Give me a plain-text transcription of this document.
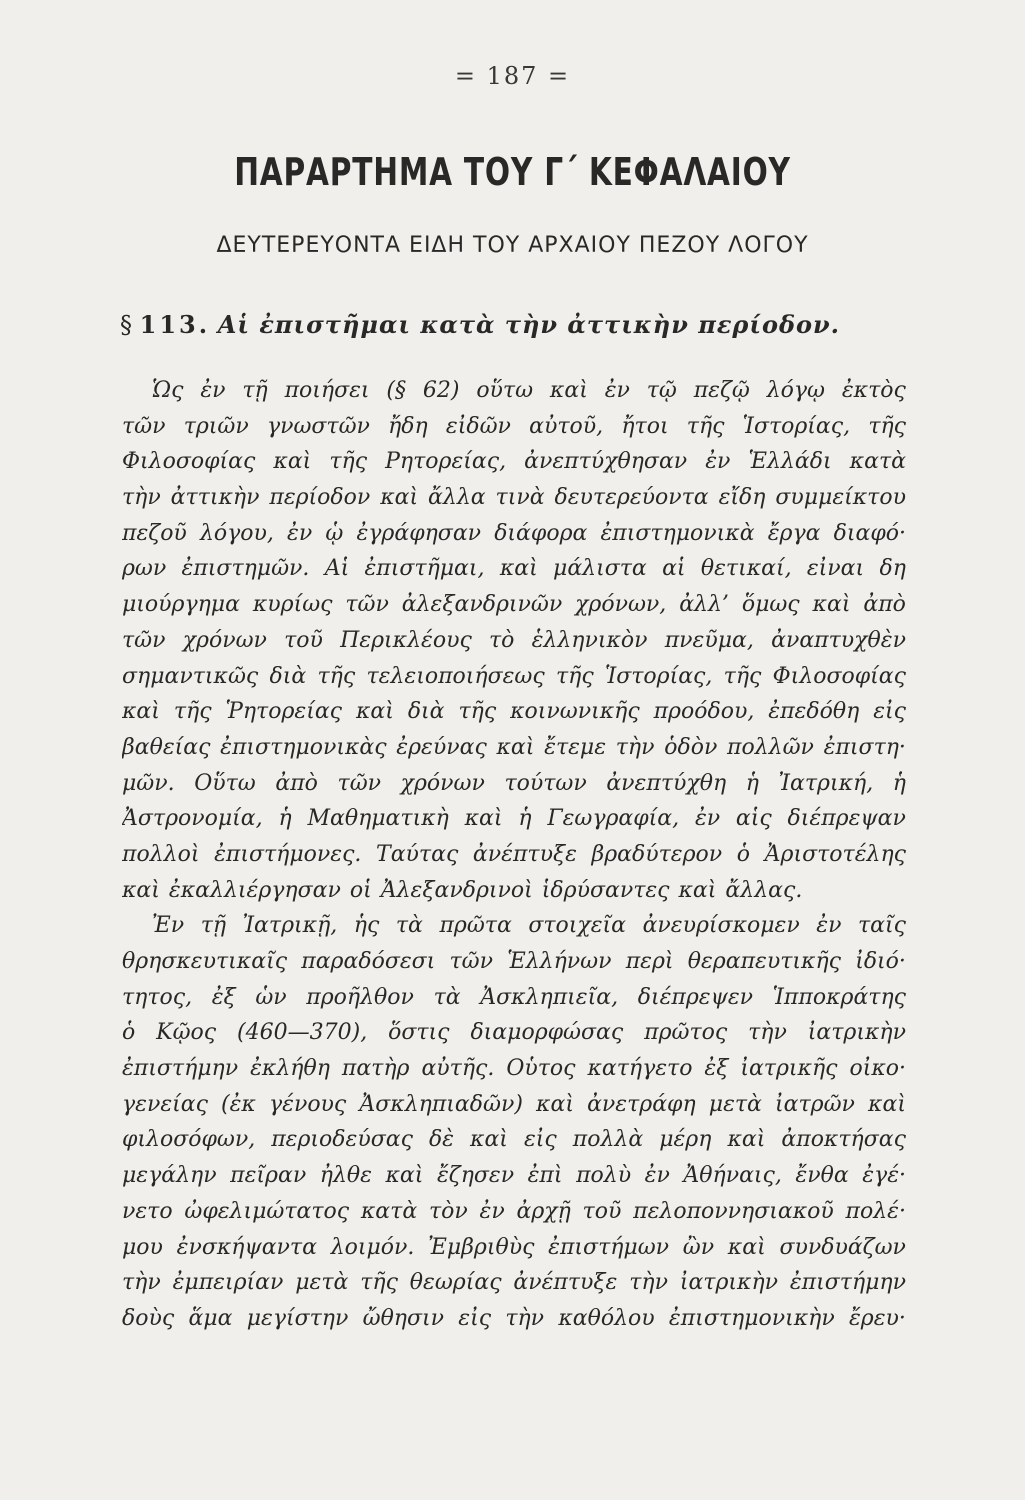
= 187 =
ΠΑΡΑΡΤΗΜΑ ΤΟΥ Γ΄ ΚΕΦΑΛΑΙΟΥ
ΔΕΥΤΕΡΕΥΟΝΤΑ ΕΙΔΗ ΤΟΥ ΑΡΧΑΙΟΥ ΠΕΖΟΥ ΛΟΓΟΥ
§ 113. Αἱ ἐπιστῆμαι κατὰ τὴν ἀττικὴν περίοδον.
Ὡς ἐν τῇ ποιήσει (§ 62) οὕτω καὶ ἐν τῷ πεζῷ λόγῳ ἐκτὸς
τῶν τριῶν γνωστῶν ἤδη εἰδῶν αὐτοῦ, ἤτοι τῆς Ἱστορίας, τῆς
Φιλοσοφίας καὶ τῆς Ρητορείας, ἀνεπτύχθησαν ἐν Ἑλλάδι κατὰ
τὴν ἀττικὴν περίοδον καὶ ἄλλα τινὰ δευτερεύοντα εἴδη συμμείκτου
πεζοῦ λόγου, ἐν ᾧ ἐγράφησαν διάφορα ἐπιστημονικὰ ἔργα διαφό·
ρων ἐπιστημῶν. Αἱ ἐπιστῆμαι, καὶ μάλιστα αἱ θετικαί, εἶναι δη
μιούργημα κυρίως τῶν ἀλεξανδρινῶν χρόνων, ἀλλ’ ὅμως καὶ ἀπὸ
τῶν χρόνων τοῦ Περικλέους τὸ ἑλληνικὸν πνεῦμα, ἀναπτυχθὲν
σημαντικῶς διὰ τῆς τελειοποιήσεως τῆς Ἱστορίας, τῆς Φιλοσοφίας
καὶ τῆς Ῥητορείας καὶ διὰ τῆς κοινωνικῆς προόδου, ἐπεδόθη εἰς
βαθείας ἐπιστημονικὰς ἐρεύνας καὶ ἔτεμε τὴν ὁδὸν πολλῶν ἐπιστη·
μῶν. Οὕτω ἀπὸ τῶν χρόνων τούτων ἀνεπτύχθη ἡ Ἰατρική, ἡ
Ἀστρονομία, ἡ Μαθηματικὴ καὶ ἡ Γεωγραφία, ἐν αἷς διέπρεψαν
πολλοὶ ἐπιστήμονες. Ταύτας ἀνέπτυξε βραδύτερον ὁ Ἀριστοτέλης
καὶ ἐκαλλιέργησαν οἱ Ἀλεξανδρινοὶ ἱδρύσαντες καὶ ἄλλας.
Ἐν τῇ Ἰατρικῇ, ἧς τὰ πρῶτα στοιχεῖα ἀνευρίσκομεν ἐν ταῖς
θρησκευτικαῖς παραδόσεσι τῶν Ἑλλήνων περὶ θεραπευτικῆς ἰδιό·
τητος, ἐξ ὧν προῆλθον τὰ Ἀσκληπιεῖα, διέπρεψεν Ἱπποκράτης
ὁ Κῷος (460—370), ὅστις διαμορφώσας πρῶτος τὴν ἰατρικὴν
ἐπιστήμην ἐκλήθη πατὴρ αὐτῆς. Οὗτος κατήγετο ἐξ ἰατρικῆς οἰκο·
γενείας (ἐκ γένους Ἀσκληπιαδῶν) καὶ ἀνετράφη μετὰ ἰατρῶν καὶ
φιλοσόφων, περιοδεύσας δὲ καὶ εἰς πολλὰ μέρη καὶ ἀποκτήσας
μεγάλην πεῖραν ἦλθε καὶ ἔζησεν ἐπὶ πολὺ ἐν Ἀθήναις, ἔνθα ἐγέ·
νετο ὠφελιμώτατος κατὰ τὸν ἐν ἀρχῇ τοῦ πελοποννησιακοῦ πολέ·
μου ἐνσκήψαντα λοιμόν. Ἐμβριθὺς ἐπιστήμων ὢν καὶ συνδυάζων
τὴν ἐμπειρίαν μετὰ τῆς θεωρίας ἀνέπτυξε τὴν ἰατρικὴν ἐπιστήμην
δοὺς ἅμα μεγίστην ὤθησιν εἰς τὴν καθόλου ἐπιστημονικὴν ἔρευ·
